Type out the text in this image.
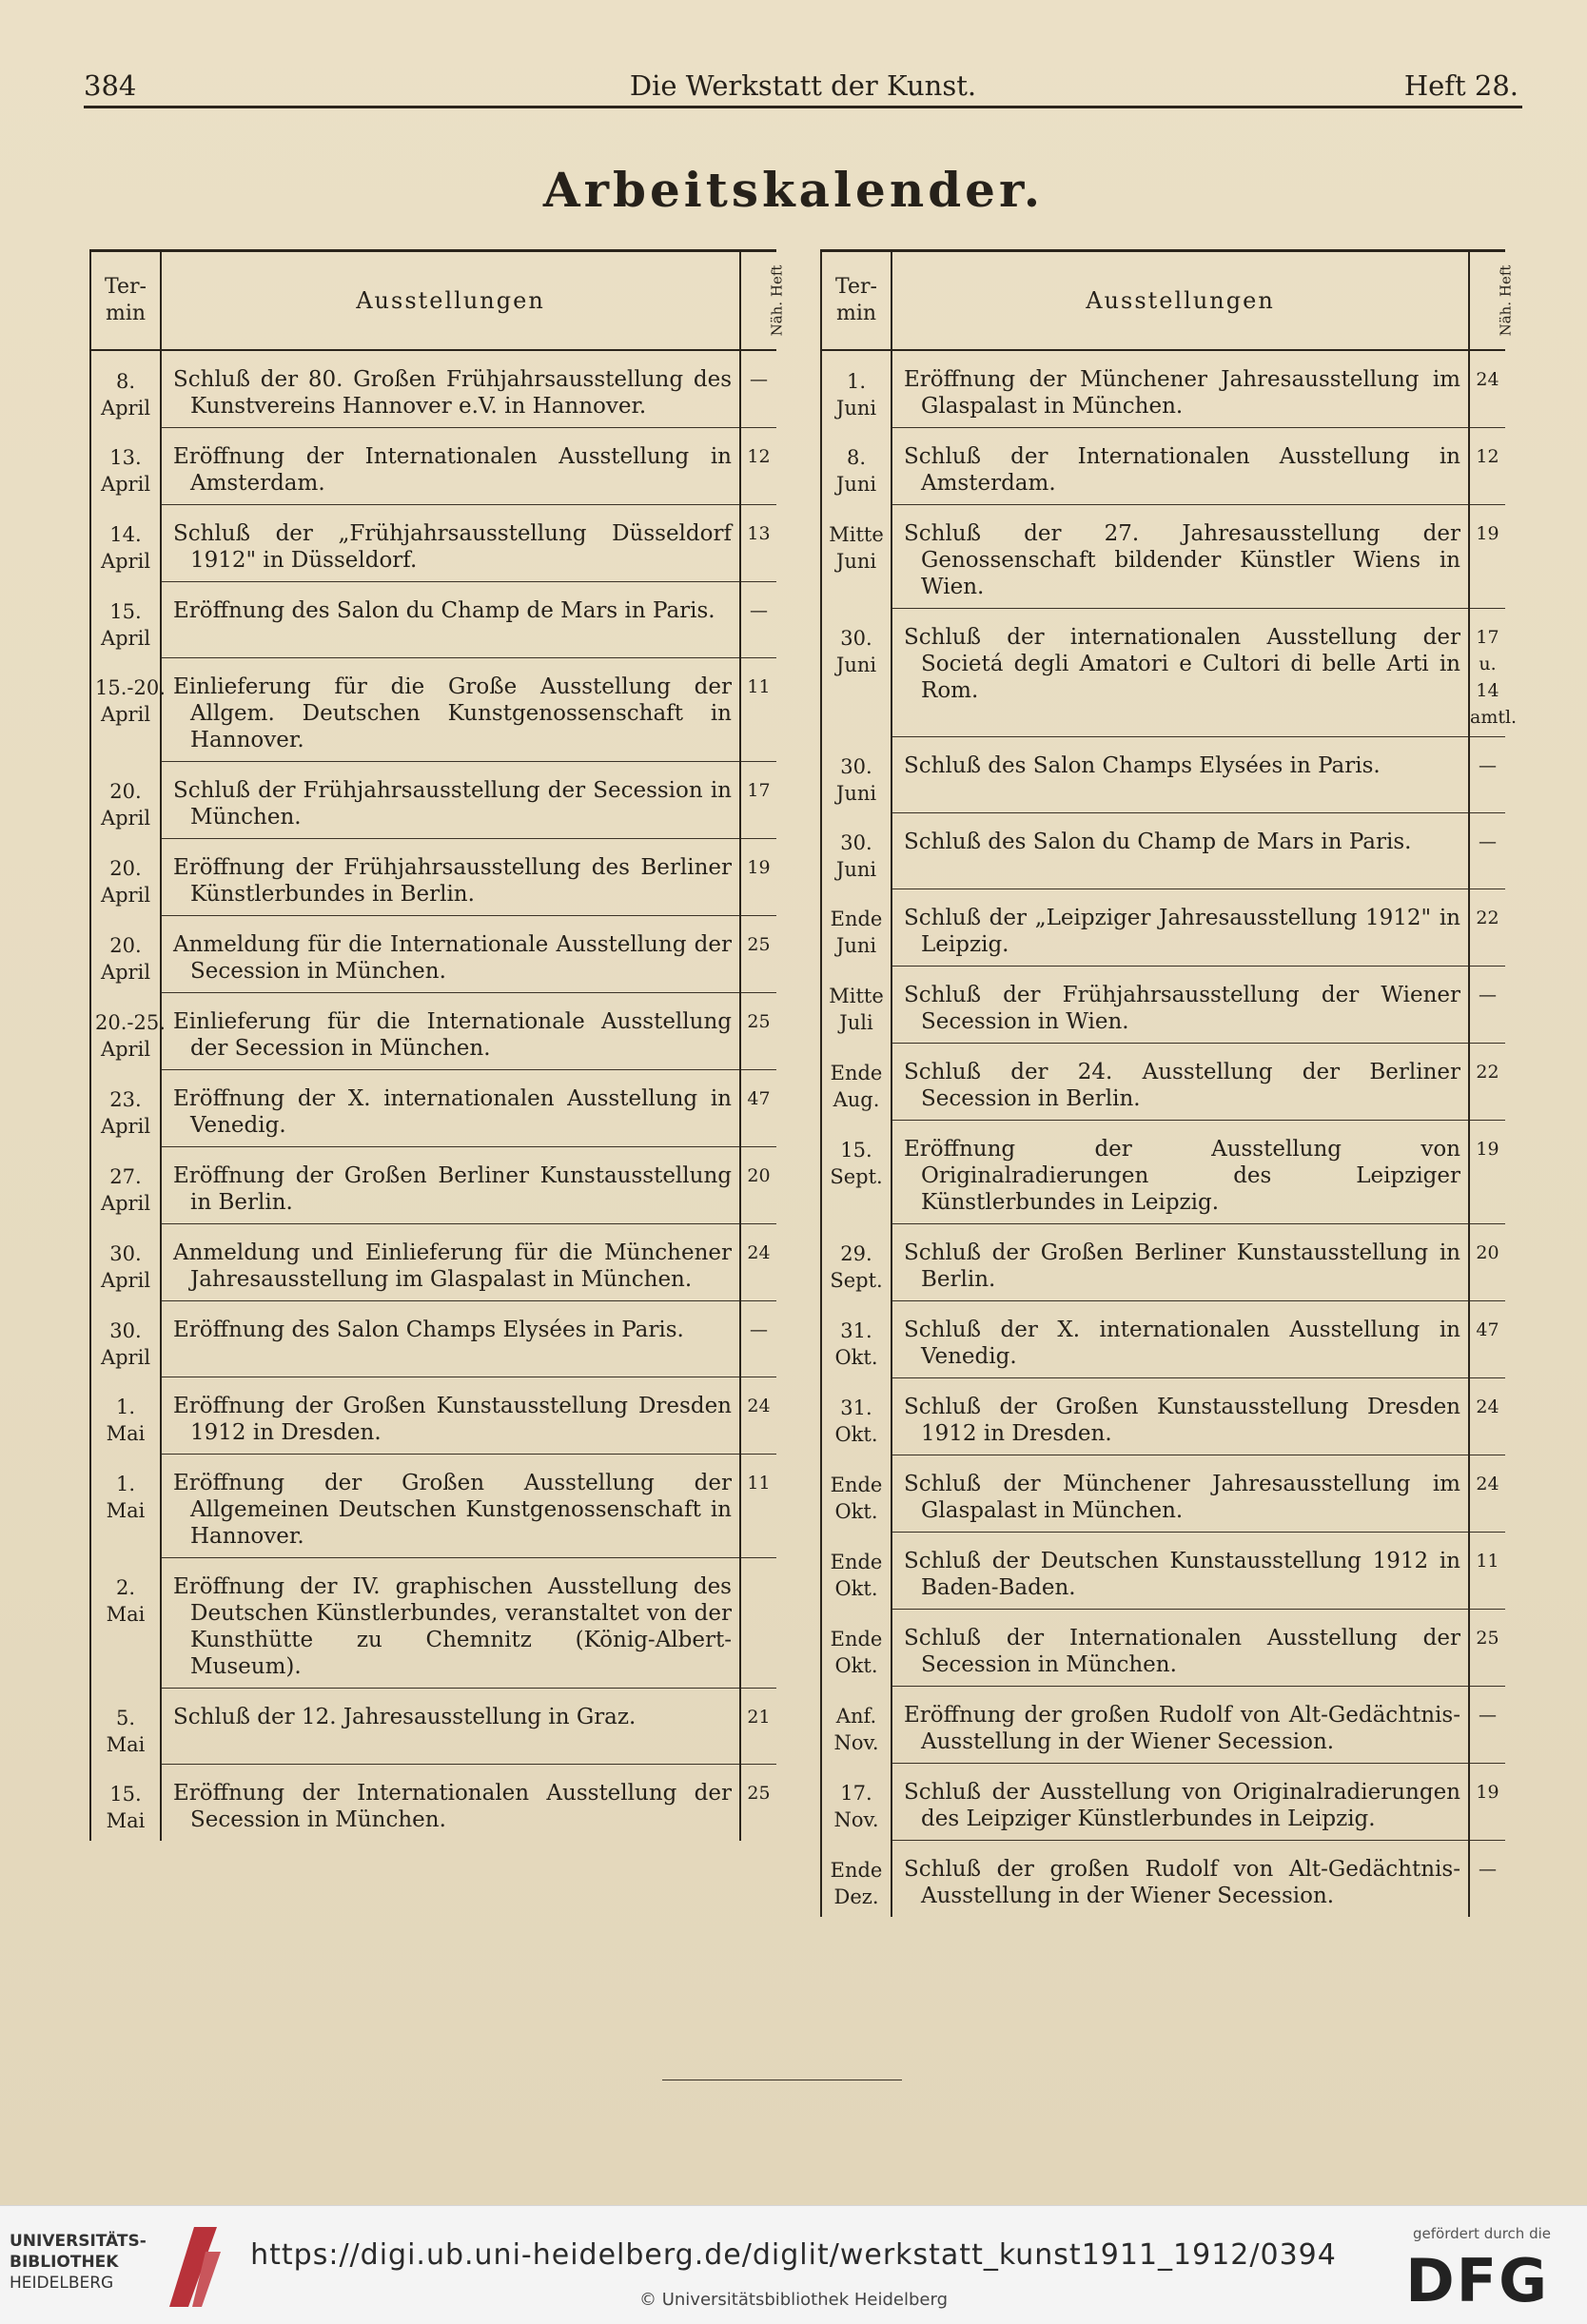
384	Die Werkstatt der Kunst.	Heft 28.
Arbeitskalender.
Ter-
min	Ausstellungen	Näh. Heft
8.
April	Schluß der 80. Großen Frühjahrsausstellung des Kunstvereins Hannover e.V. in Hannover.	—
13.
April	Eröffnung der Internationalen Ausstellung in Amsterdam.	12
14.
April	Schluß der „Frühjahrsausstellung Düsseldorf 1912" in Düsseldorf.	13
15.
April	Eröffnung des Salon du Champ de Mars in Paris.	—
15.-20.
April	Einlieferung für die Große Ausstellung der Allgem. Deutschen Kunstgenossenschaft in Hannover.	11
20.
April	Schluß der Frühjahrsausstellung der Secession in München.	17
20.
April	Eröffnung der Frühjahrsausstellung des Berliner Künstlerbundes in Berlin.	19
20.
April	Anmeldung für die Internationale Ausstellung der Secession in München.	25
20.-25.
April	Einlieferung für die Internationale Ausstellung der Secession in München.	25
23.
April	Eröffnung der X. internationalen Ausstellung in Venedig.	47
27.
April	Eröffnung der Großen Berliner Kunstausstellung in Berlin.	20
30.
April	Anmeldung und Einlieferung für die Münchener Jahresausstellung im Glaspalast in München.	24
30.
April	Eröffnung des Salon Champs Elysées in Paris.	—
1.
Mai	Eröffnung der Großen Kunstausstellung Dresden 1912 in Dresden.	24
1.
Mai	Eröffnung der Großen Ausstellung der Allgemeinen Deutschen Kunstgenossenschaft in Hannover.	11
2.
Mai	Eröffnung der IV. graphischen Ausstellung des Deutschen Künstlerbundes, veranstaltet von der Kunsthütte zu Chemnitz (König-Albert-Museum).	
5.
Mai	Schluß der 12. Jahresausstellung in Graz.	21
15.
Mai	Eröffnung der Internationalen Ausstellung der Secession in München.	25
Ter-
min	Ausstellungen	Näh. Heft
1.
Juni	Eröffnung der Münchener Jahresausstellung im Glaspalast in München.	24
8.
Juni	Schluß der Internationalen Ausstellung in Amsterdam.	12
Mitte
Juni	Schluß der 27. Jahresausstellung der Genossenschaft bildender Künstler Wiens in Wien.	19
30.
Juni	Schluß der internationalen Ausstellung der Societá degli Amatori e Cultori di belle Arti in Rom.	17 u. 14 amtl.
30.
Juni	Schluß des Salon Champs Elysées in Paris.	—
30.
Juni	Schluß des Salon du Champ de Mars in Paris.	—
Ende
Juni	Schluß der „Leipziger Jahresausstellung 1912" in Leipzig.	22
Mitte
Juli	Schluß der Frühjahrsausstellung der Wiener Secession in Wien.	—
Ende
Aug.	Schluß der 24. Ausstellung der Berliner Secession in Berlin.	22
15.
Sept.	Eröffnung der Ausstellung von Originalradierungen des Leipziger Künstlerbundes in Leipzig.	19
29.
Sept.	Schluß der Großen Berliner Kunstausstellung in Berlin.	20
31.
Okt.	Schluß der X. internationalen Ausstellung in Venedig.	47
31.
Okt.	Schluß der Großen Kunstausstellung Dresden 1912 in Dresden.	24
Ende
Okt.	Schluß der Münchener Jahresausstellung im Glaspalast in München.	24
Ende
Okt.	Schluß der Deutschen Kunstausstellung 1912 in Baden-Baden.	11
Ende
Okt.	Schluß der Internationalen Ausstellung der Secession in München.	25
Anf.
Nov.	Eröffnung der großen Rudolf von Alt-Gedächtnis-Ausstellung in der Wiener Secession.	—
17.
Nov.	Schluß der Ausstellung von Originalradierungen des Leipziger Künstlerbundes in Leipzig.	19
Ende
Dez.	Schluß der großen Rudolf von Alt-Gedächtnis-Ausstellung in der Wiener Secession.	—
UNIVERSITÄTS-
BIBLIOTHEK
HEIDELBERG
https://digi.ub.uni-heidelberg.de/diglit/werkstatt_kunst1911_1912/0394
© Universitätsbibliothek Heidelberg
gefördert durch die
DFG
